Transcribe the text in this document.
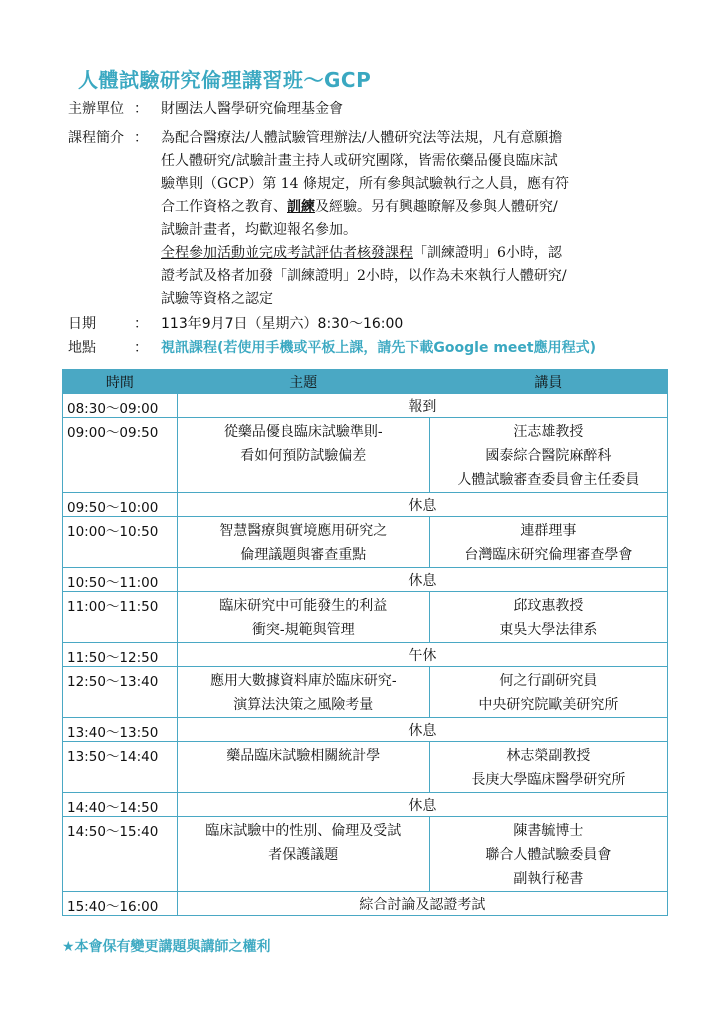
人體試驗研究倫理講習班～GCP
主辦單位 ： 財團法人醫學研究倫理基金會
課程簡介 ： 為配合醫療法/人體試驗管理辦法/人體研究法等法規，凡有意願擔
任人體研究/試驗計畫主持人或研究團隊，皆需依藥品優良臨床試
驗準則（GCP）第 14 條規定，所有參與試驗執行之人員，應有符
合工作資格之教育、訓練及經驗。另有興趣瞭解及參與人體研究/
試驗計畫者，均歡迎報名參加。
全程參加活動並完成考試評估者核發課程「訓練證明」6小時，認
證考試及格者加發「訓練證明」2小時，以作為未來執行人體研究/
試驗等資格之認定
日期	： 113年9月7日（星期六）8:30～16:00
地點	： 視訊課程(若使用手機或平板上課，請先下載Google meet應用程式)
時間	主題	講員
08:30～09:00	報到	
09:00～09:50	從藥品優良臨床試驗準則-
看如何預防試驗偏差	汪志雄教授
國泰綜合醫院麻醉科
人體試驗審查委員會主任委員

09:50～10:00	休息	
10:00～10:50	智慧醫療與實境應用研究之
倫理議題與審查重點	連群理事
台灣臨床研究倫理審查學會

10:50～11:00	休息	
11:00～11:50	臨床研究中可能發生的利益
衝突-規範與管理	邱玟惠教授
東吳大學法律系

11:50～12:50	午休	
12:50～13:40	應用大數據資料庫於臨床研究-
演算法決策之風險考量	何之行副研究員
中央研究院歐美研究所

13:40～13:50	休息	
13:50～14:40	藥品臨床試驗相關統計學	林志榮副教授
長庚大學臨床醫學研究所

14:40～14:50	休息	
14:50～15:40	臨床試驗中的性別、倫理及受試
者保護議題	陳書毓博士
聯合人體試驗委員會
副執行秘書

15:40～16:00	綜合討論及認證考試	
★本會保有變更講題與講師之權利
